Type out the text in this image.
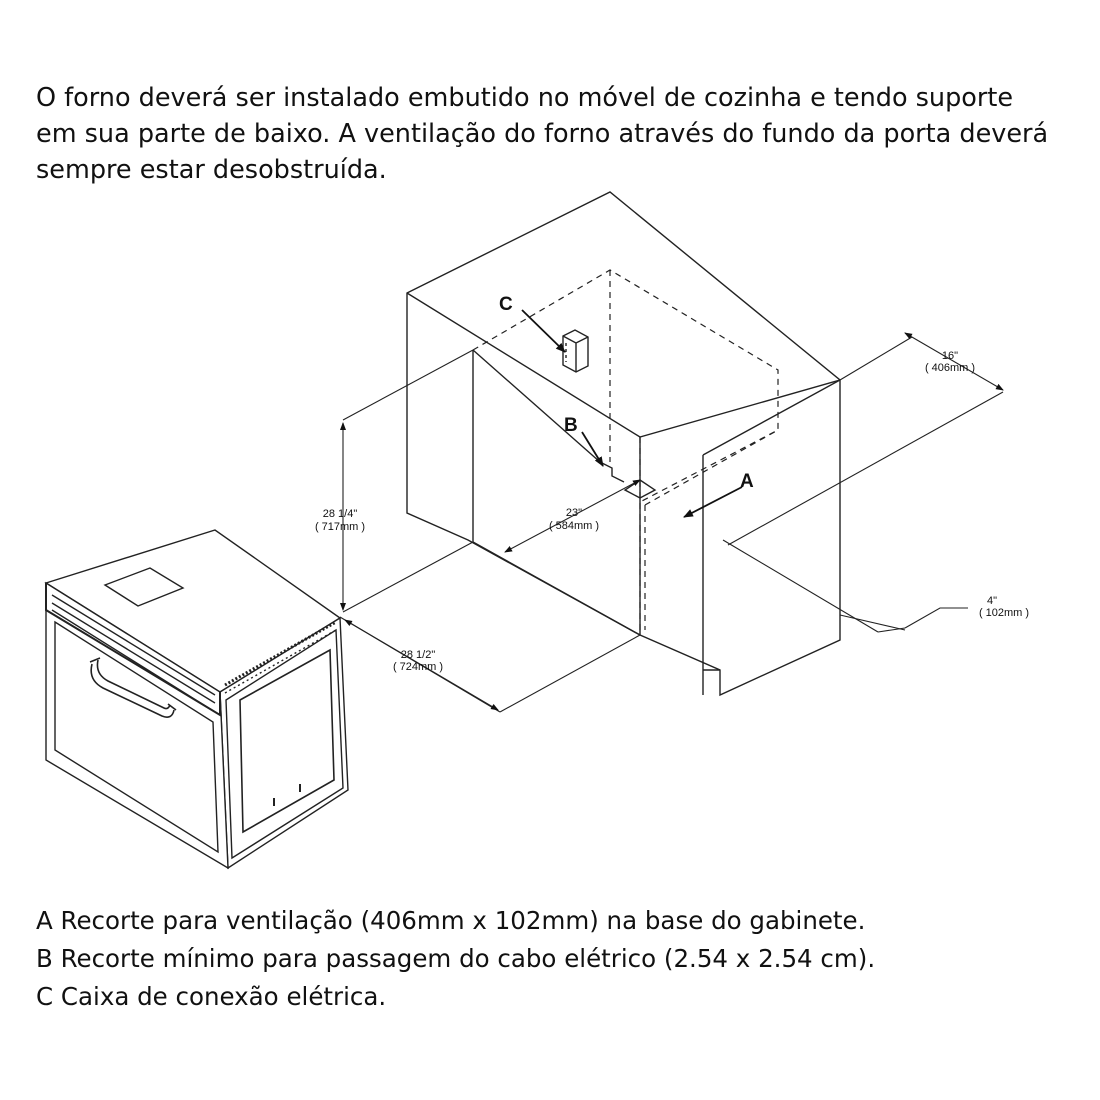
O forno deverá ser instalado embutido no móvel de cozinha e tendo suporte
em sua parte de baixo. A ventilação do forno através do fundo da porta deverá
sempre estar desobstruída.
C
B
A
28 1/4"
( 717mm )
28 1/2"
( 724mm )
23"
( 584mm )
16"
( 406mm )
4"
( 102mm )
A Recorte para ventilação (406mm x 102mm) na base do gabinete.
B Recorte mínimo para passagem do cabo elétrico (2.54 x 2.54 cm).
C Caixa de conexão elétrica.
